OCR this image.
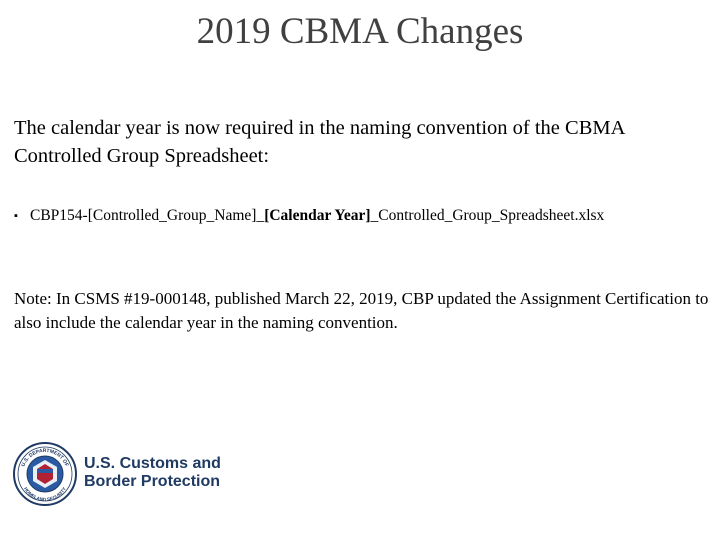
2019 CBMA Changes
The calendar year is now required in the naming convention of the CBMA Controlled Group Spreadsheet:
▪ CBP154-[Controlled_Group_Name]_[Calendar Year]_Controlled_Group_Spreadsheet.xlsx
Note: In CSMS #19-000148, published March 22, 2019, CBP updated the Assignment Certification to also include the calendar year in the naming convention.
U.S. DEPARTMENT OF
HOMELAND SECURITY
U.S. Customs and
Border Protection
